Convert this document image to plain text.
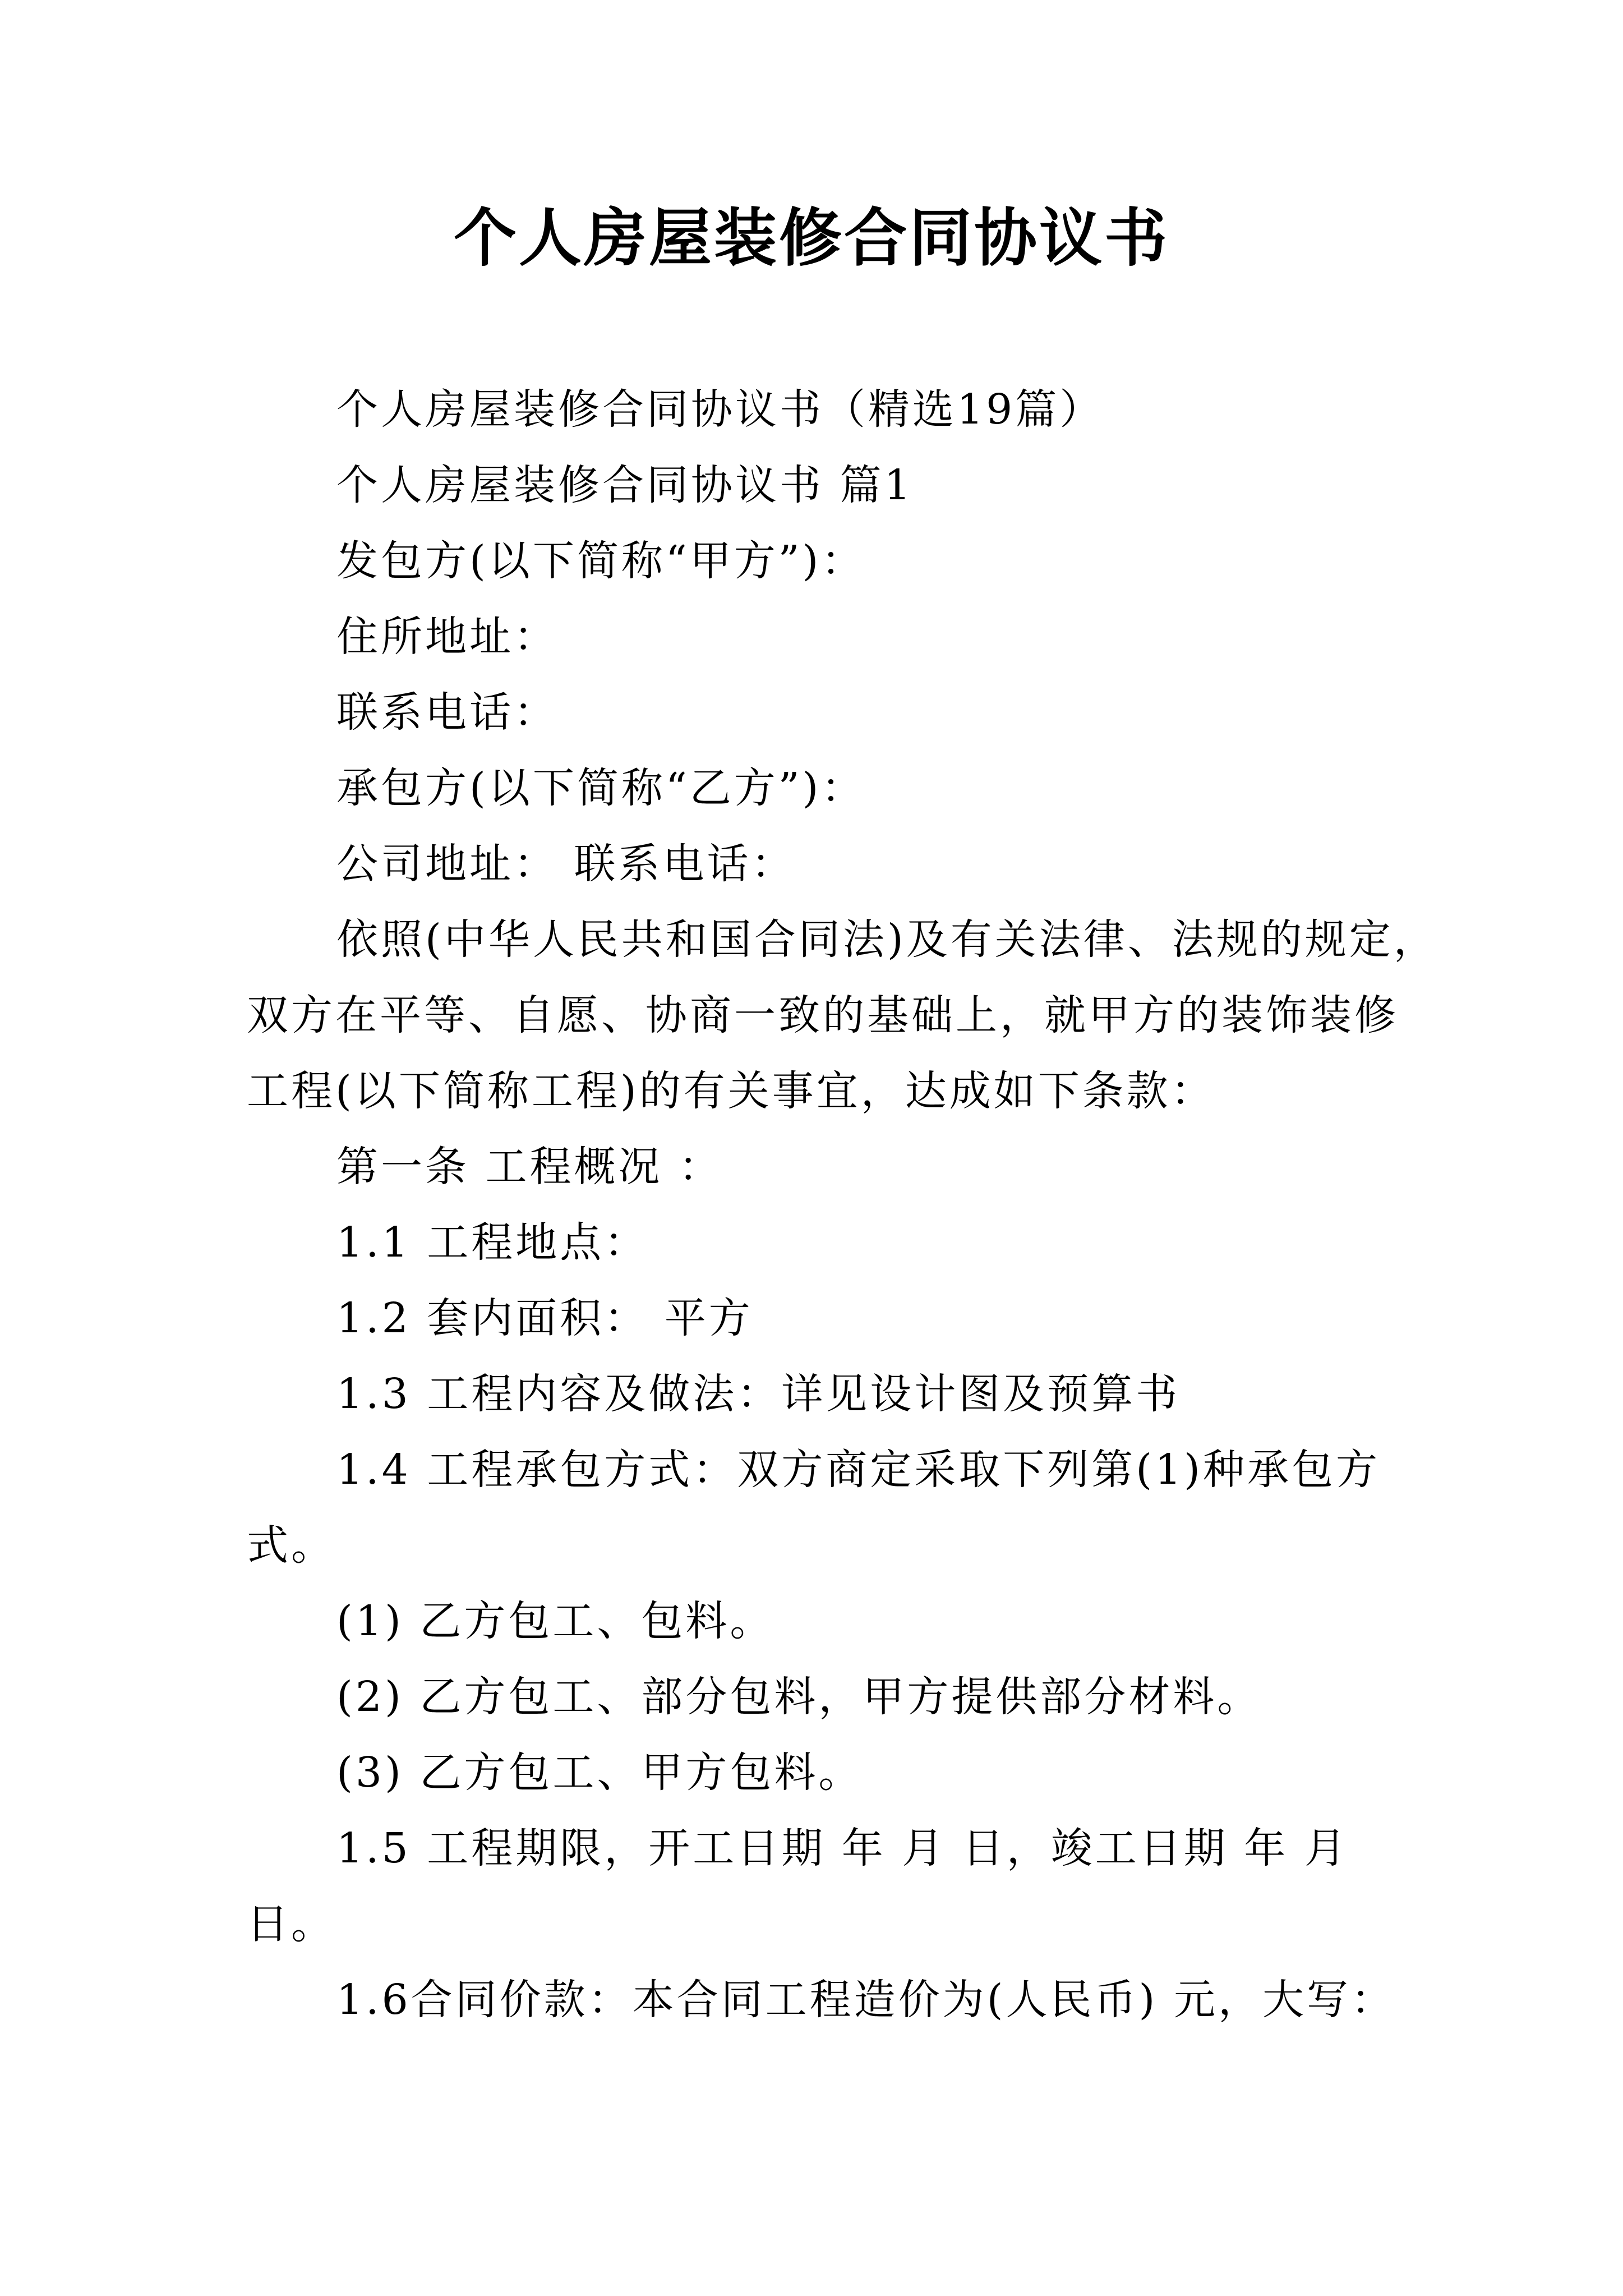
个人房屋装修合同协议书
个人房屋装修合同协议书（精选19篇）
个人房屋装修合同协议书 篇1
发包方(以下简称“甲方”)：
住所地址：
联系电话：
承包方(以下简称“乙方”)：
公司地址： 联系电话：
依照(中华人民共和国合同法)及有关法律、法规的规定，
双方在平等、自愿、协商一致的基础上，就甲方的装饰装修
工程(以下简称工程)的有关事宜，达成如下条款：
第一条 工程概况 ：
1.1 工程地点：
1.2 套内面积： 平方
1.3 工程内容及做法：详见设计图及预算书
1.4 工程承包方式：双方商定采取下列第(1)种承包方
式。
(1) 乙方包工、包料。
(2) 乙方包工、部分包料，甲方提供部分材料。
(3) 乙方包工、甲方包料。
1.5 工程期限，开工日期 年 月 日，竣工日期 年 月
日。
1.6合同价款：本合同工程造价为(人民币) 元，大写：
